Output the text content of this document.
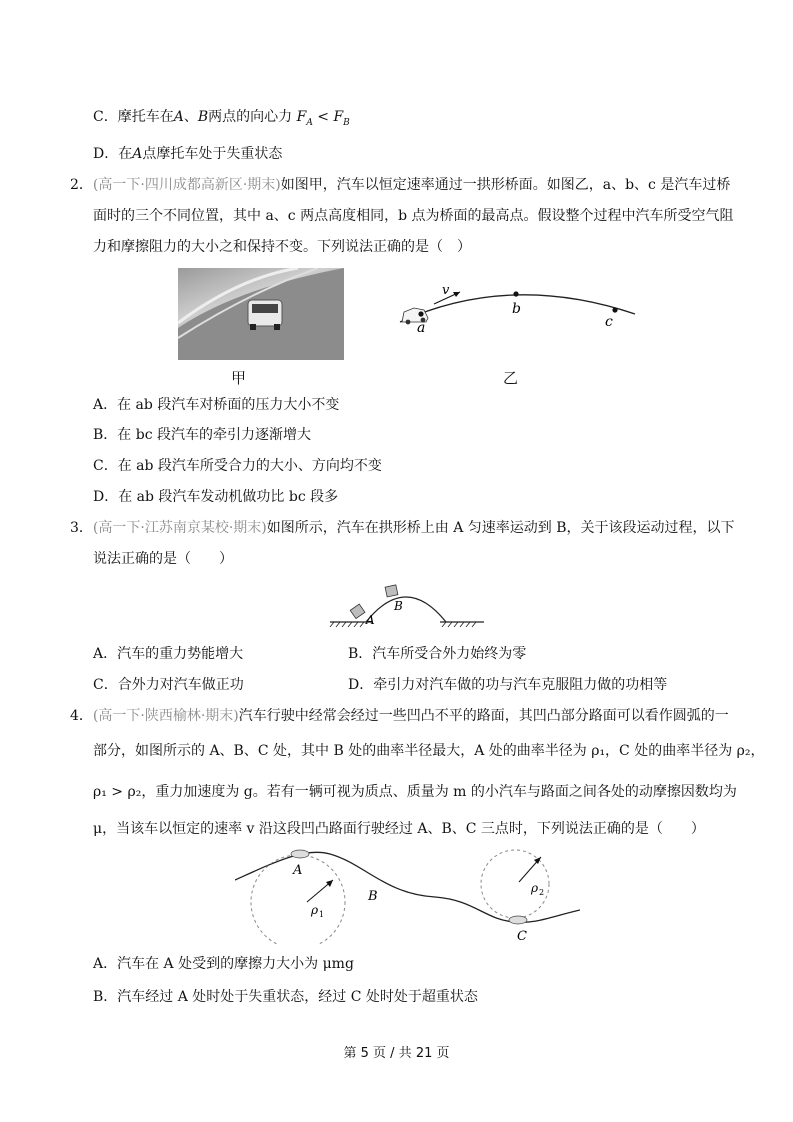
C．摩托车在A、B两点的向心力 $F_A < F_B$
D．在A点摩托车处于失重状态
2．(高一下·四川成都高新区·期末)如图甲，汽车以恒定速率通过一拱形桥面。如图乙，a、b、c 是汽车过桥
面时的三个不同位置，其中 a、c 两点高度相同，b 点为桥面的最高点。假设整个过程中汽车所受空气阻
力和摩擦阻力的大小之和保持不变。下列说法正确的是（　）
甲
v
a
b
c
乙
A．在 ab 段汽车对桥面的压力大小不变
B．在 bc 段汽车的牵引力逐渐增大
C．在 ab 段汽车所受合力的大小、方向均不变
D．在 ab 段汽车发动机做功比 bc 段多
3．(高一下·江苏南京某校·期末)如图所示，汽车在拱形桥上由 A 匀速率运动到 B，关于该段运动过程，以下
说法正确的是（　　）
A
B
A．汽车的重力势能增大	B．汽车所受合外力始终为零
C．合外力对汽车做正功	D．牵引力对汽车做的功与汽车克服阻力做的功相等
4．(高一下·陕西榆林·期末)汽车行驶中经常会经过一些凹凸不平的路面，其凹凸部分路面可以看作圆弧的一
部分，如图所示的 A、B、C 处，其中 B 处的曲率半径最大，A 处的曲率半径为 ρ₁，C 处的曲率半径为 ρ₂，
ρ₁ > ρ₂，重力加速度为 g。若有一辆可视为质点、质量为 m 的小汽车与路面之间各处的动摩擦因数均为
μ，当该车以恒定的速率 v 沿这段凹凸路面行驶经过 A、B、C 三点时，下列说法正确的是（　　）
A
B
C
ρ 1
ρ 2
A．汽车在 A 处受到的摩擦力大小为 μmg
B．汽车经过 A 处时处于失重状态，经过 C 处时处于超重状态
第 5 页 / 共 21 页
